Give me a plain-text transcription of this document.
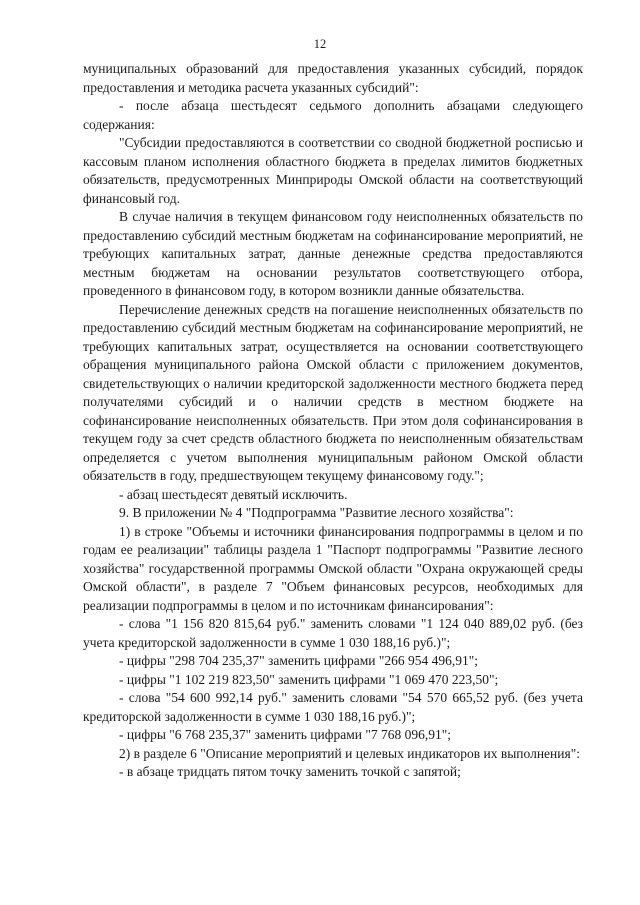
12

муниципальных образований для предоставления указанных субсидий, порядок предоставления и методика расчета указанных субсидий":

- после абзаца шестьдесят седьмого дополнить абзацами следующего содержания:

"Субсидии предоставляются в соответствии со сводной бюджетной росписью и кассовым планом исполнения областного бюджета в пределах лимитов бюджетных обязательств, предусмотренных Минприроды Омской области на соответствующий финансовый год.

В случае наличия в текущем финансовом году неисполненных обязательств по предоставлению субсидий местным бюджетам на софинансирование мероприятий, не требующих капитальных затрат, данные денежные средства предоставляются местным бюджетам на основании результатов соответствующего отбора, проведенного в финансовом году, в котором возникли данные обязательства.

Перечисление денежных средств на погашение неисполненных обязательств по предоставлению субсидий местным бюджетам на софинансирование мероприятий, не требующих капитальных затрат, осуществляется на основании соответствующего обращения муниципального района Омской области с приложением документов, свидетельствующих о наличии кредиторской задолженности местного бюджета перед получателями субсидий и о наличии средств в местном бюджете на софинансирование неисполненных обязательств. При этом доля софинансирования в текущем году за счет средств областного бюджета по неисполненным обязательствам определяется с учетом выполнения муниципальным районом Омской области обязательств в году, предшествующем текущему финансовому году.";

- абзац шестьдесят девятый исключить.

9. В приложении № 4 "Подпрограмма "Развитие лесного хозяйства":

1) в строке "Объемы и источники финансирования подпрограммы в целом и по годам ее реализации" таблицы раздела 1 "Паспорт подпрограммы "Развитие лесного хозяйства" государственной программы Омской области "Охрана окружающей среды Омской области", в разделе 7 "Объем финансовых ресурсов, необходимых для реализации подпрограммы в целом и по источникам финансирования":

- слова "1 156 820 815,64 руб." заменить словами "1 124 040 889,02 руб. (без учета кредиторской задолженности в сумме 1 030 188,16 руб.)";

- цифры "298 704 235,37" заменить цифрами "266 954 496,91";

- цифры "1 102 219 823,50" заменить цифрами "1 069 470 223,50";

- слова "54 600 992,14 руб." заменить словами "54 570 665,52 руб. (без учета кредиторской задолженности в сумме 1 030 188,16 руб.)";

- цифры "6 768 235,37" заменить цифрами "7 768 096,91";

2) в разделе 6 "Описание мероприятий и целевых индикаторов их выполнения":

- в абзаце тридцать пятом точку заменить точкой с запятой;
